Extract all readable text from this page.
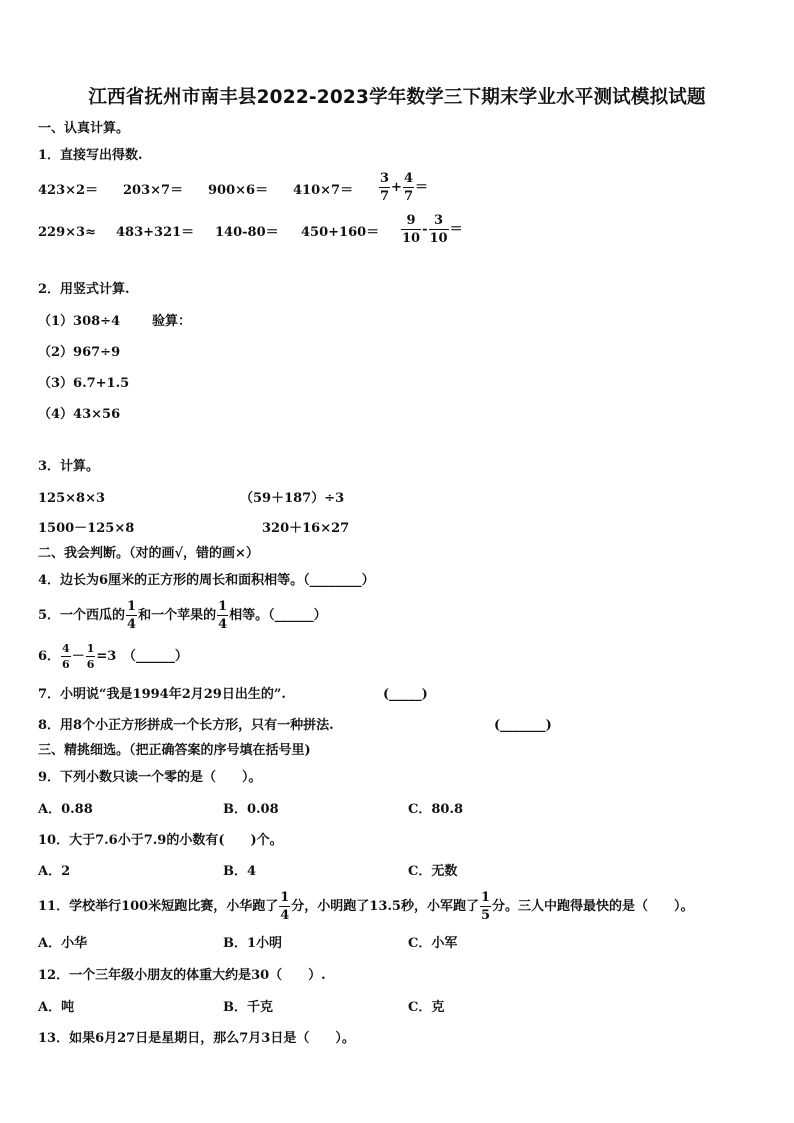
江西省抚州市南丰县2022-2023学年数学三下期末学业水平测试模拟试题
一、认真计算。
1．直接写出得数.
$423\times 2= 203\times 7= 900\times 6= 410\times 7= \frac{3}{7} + \frac{4}{7}$ ＝
$229\times 3\approx 483+321= 140-80= 450+160= \frac{9}{10} - \frac{3}{10}$ ＝
2．用竖式计算.
（1）308÷4 验算：
（2）967÷9
（3）6.7+1.5
（4）43×56
3．计算。
125×8×3	（59＋187）÷3
1500－125×8	320＋16×27
二、我会判断。（对的画√，错的画×）
4．边长为6厘米的正方形的周长和面积相等。（________）
5．一个西瓜的 $\frac{1}{4}$ 和一个苹果的 $\frac{1}{4}$ 相等。（______）
6． $\frac{4}{6} - \frac{1}{6} =3$　（______）
7．小明说“我是1994年2月29日出生的”.	(_____)
8．用8个小正方形拼成一个长方形，只有一种拼法.	(_______)
三、精挑细选。（把正确答案的序号填在括号里)
9．下列小数只读一个零的是（　　）。
A．0.88	B．0.08	C．80.8
10．大于7.6小于7.9的小数有(　　)个。
A．2	B．4	C．无数
11．学校举行100米短跑比赛，小华跑了 $\frac{1}{4}$ 分，小明跑了13.5秒，小军跑了 $\frac{1}{5}$ 分。三人中跑得最快的是（　　）。
A．小华	B．1小明	C．小军
12．一个三年级小朋友的体重大约是30（　　）.
A．吨	B．千克	C．克
13．如果6月27日是星期日，那么7月3日是（　　）。
